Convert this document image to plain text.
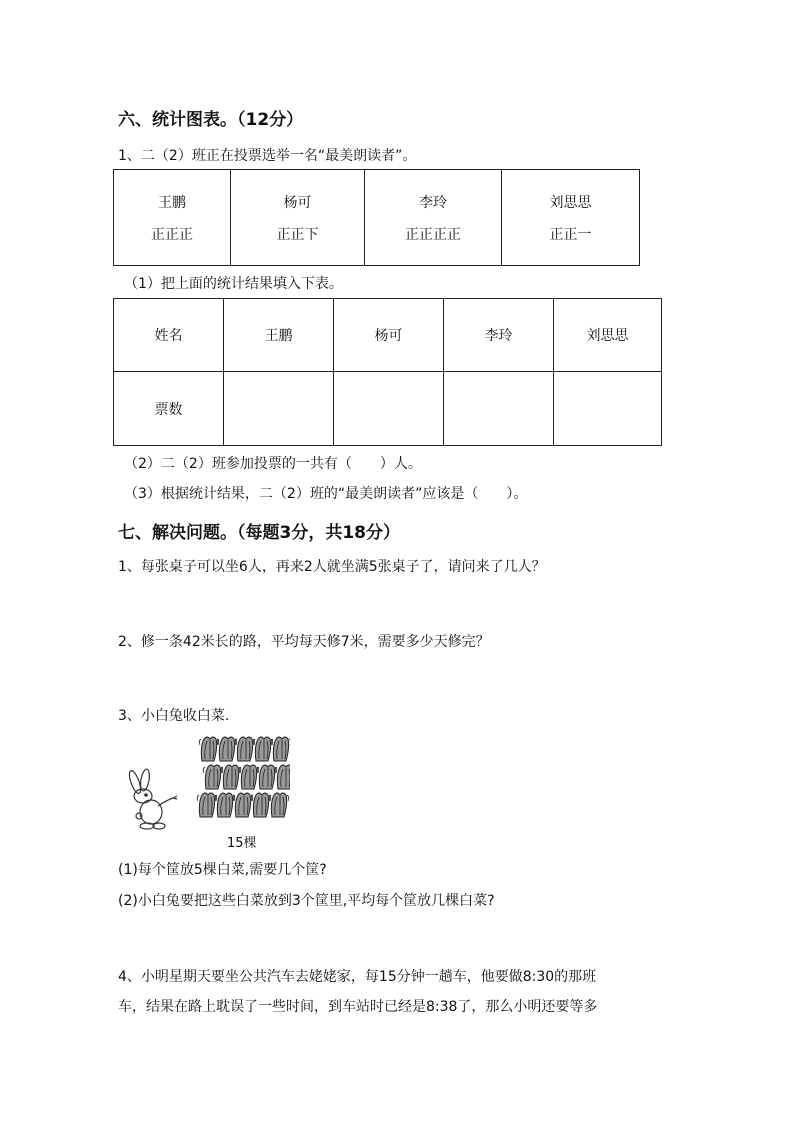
六、统计图表。（12分）
1、二（2）班正在投票选举一名“最美朗读者”。
王鹏
正正正

杨可
正正下

李玲
正正正正

刘思思
正正一
（1）把上面的统计结果填入下表。
姓名	王鹏	杨可	李玲	刘思思
票数				
（2）二（2）班参加投票的一共有（　　）人。
（3）根据统计结果，二（2）班的“最美朗读者”应该是（　　）。
七、解决问题。（每题3分，共18分）
1、每张桌子可以坐6人，再来2人就坐满5张桌子了，请问来了几人？
2、修一条42米长的路，平均每天修7米，需要多少天修完？
3、小白兔收白菜.
15棵
(1)每个筐放5棵白菜,需要几个筐?
(2)小白兔要把这些白菜放到3个筐里,平均每个筐放几棵白菜?
4、小明星期天要坐公共汽车去姥姥家，每15分钟一趟车，他要做8:30的那班
车，结果在路上耽误了一些时间，到车站时已经是8:38了，那么小明还要等多
